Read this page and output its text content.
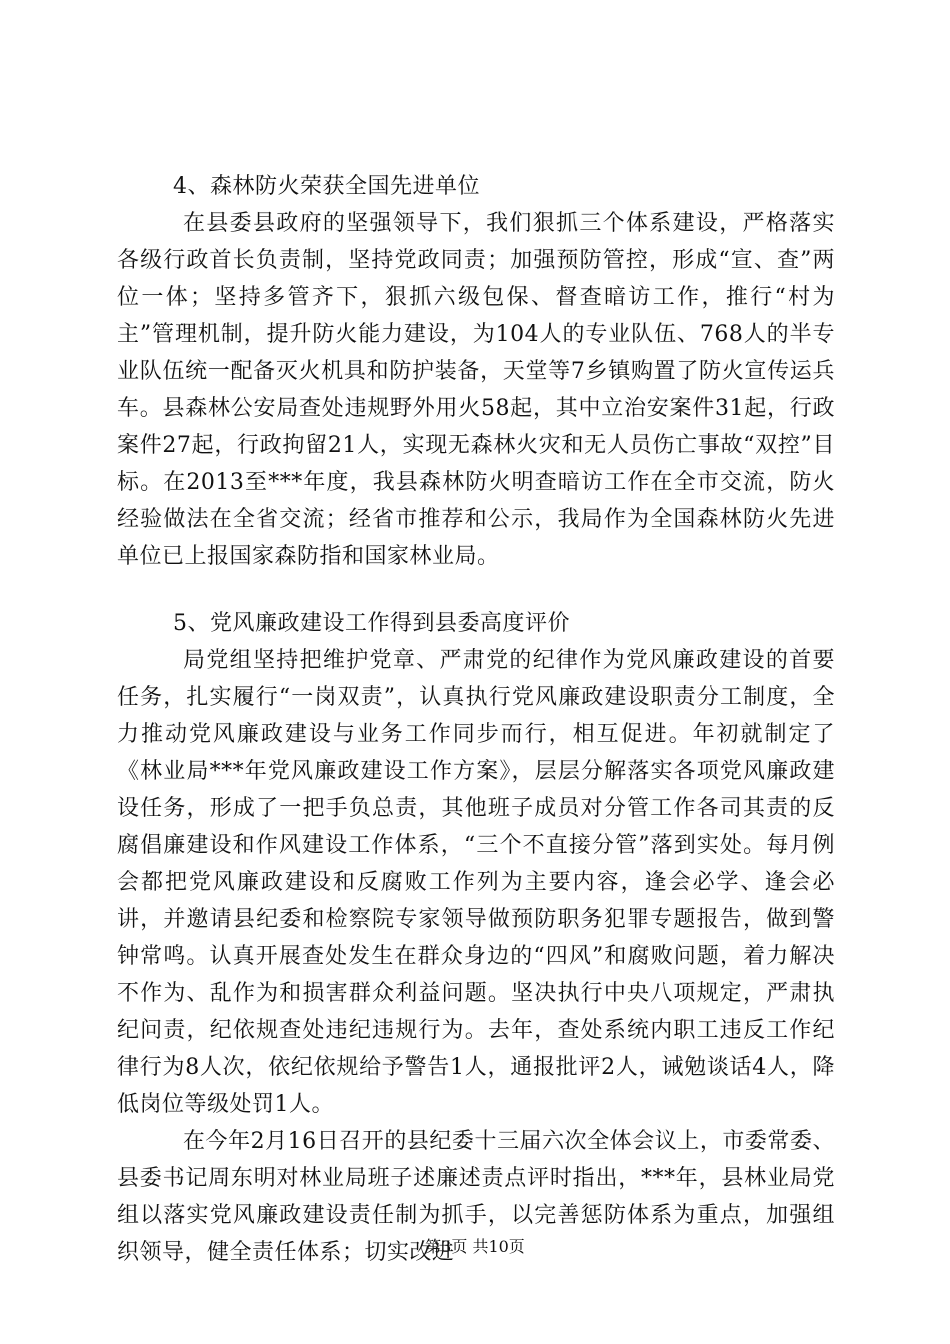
4、森林防火荣获全国先进单位

在县委县政府的坚强领导下，我们狠抓三个体系建设，严格落实各级行政首长负责制，坚持党政同责；加强预防管控，形成“宣、查”两位一体；坚持多管齐下，狠抓六级包保、督查暗访工作，推行“村为主”管理机制，提升防火能力建设，为104人的专业队伍、768人的半专业队伍统一配备灭火机具和防护装备，天堂等7乡镇购置了防火宣传运兵车。县森林公安局查处违规野外用火58起，其中立治安案件31起，行政案件27起，行政拘留21人，实现无森林火灾和无人员伤亡事故“双控”目标。在2013至***年度，我县森林防火明查暗访工作在全市交流，防火经验做法在全省交流；经省市推荐和公示，我局作为全国森林防火先进单位已上报国家森防指和国家林业局。

5、党风廉政建设工作得到县委高度评价

局党组坚持把维护党章、严肃党的纪律作为党风廉政建设的首要任务，扎实履行“一岗双责”，认真执行党风廉政建设职责分工制度，全力推动党风廉政建设与业务工作同步而行，相互促进。年初就制定了《林业局***年党风廉政建设工作方案》，层层分解落实各项党风廉政建设任务，形成了一把手负总责，其他班子成员对分管工作各司其责的反腐倡廉建设和作风建设工作体系，“三个不直接分管”落到实处。每月例会都把党风廉政建设和反腐败工作列为主要内容，逢会必学、逢会必讲，并邀请县纪委和检察院专家领导做预防职务犯罪专题报告，做到警钟常鸣。认真开展查处发生在群众身边的“四风”和腐败问题，着力解决不作为、乱作为和损害群众利益问题。坚决执行中央八项规定，严肃执纪问责，纪依规查处违纪违规行为。去年，查处系统内职工违反工作纪律行为8人次，依纪依规给予警告1人，通报批评2人，诫勉谈话4人，降低岗位等级处罚1人。

在今年2月16日召开的县纪委十三届六次全体会议上，市委常委、县委书记周东明对林业局班子述廉述责点评时指出，***年，县林业局党组以落实党风廉政建设责任制为抓手，以完善惩防体系为重点，加强组织领导，健全责任体系；切实改进

第3页 共10页
